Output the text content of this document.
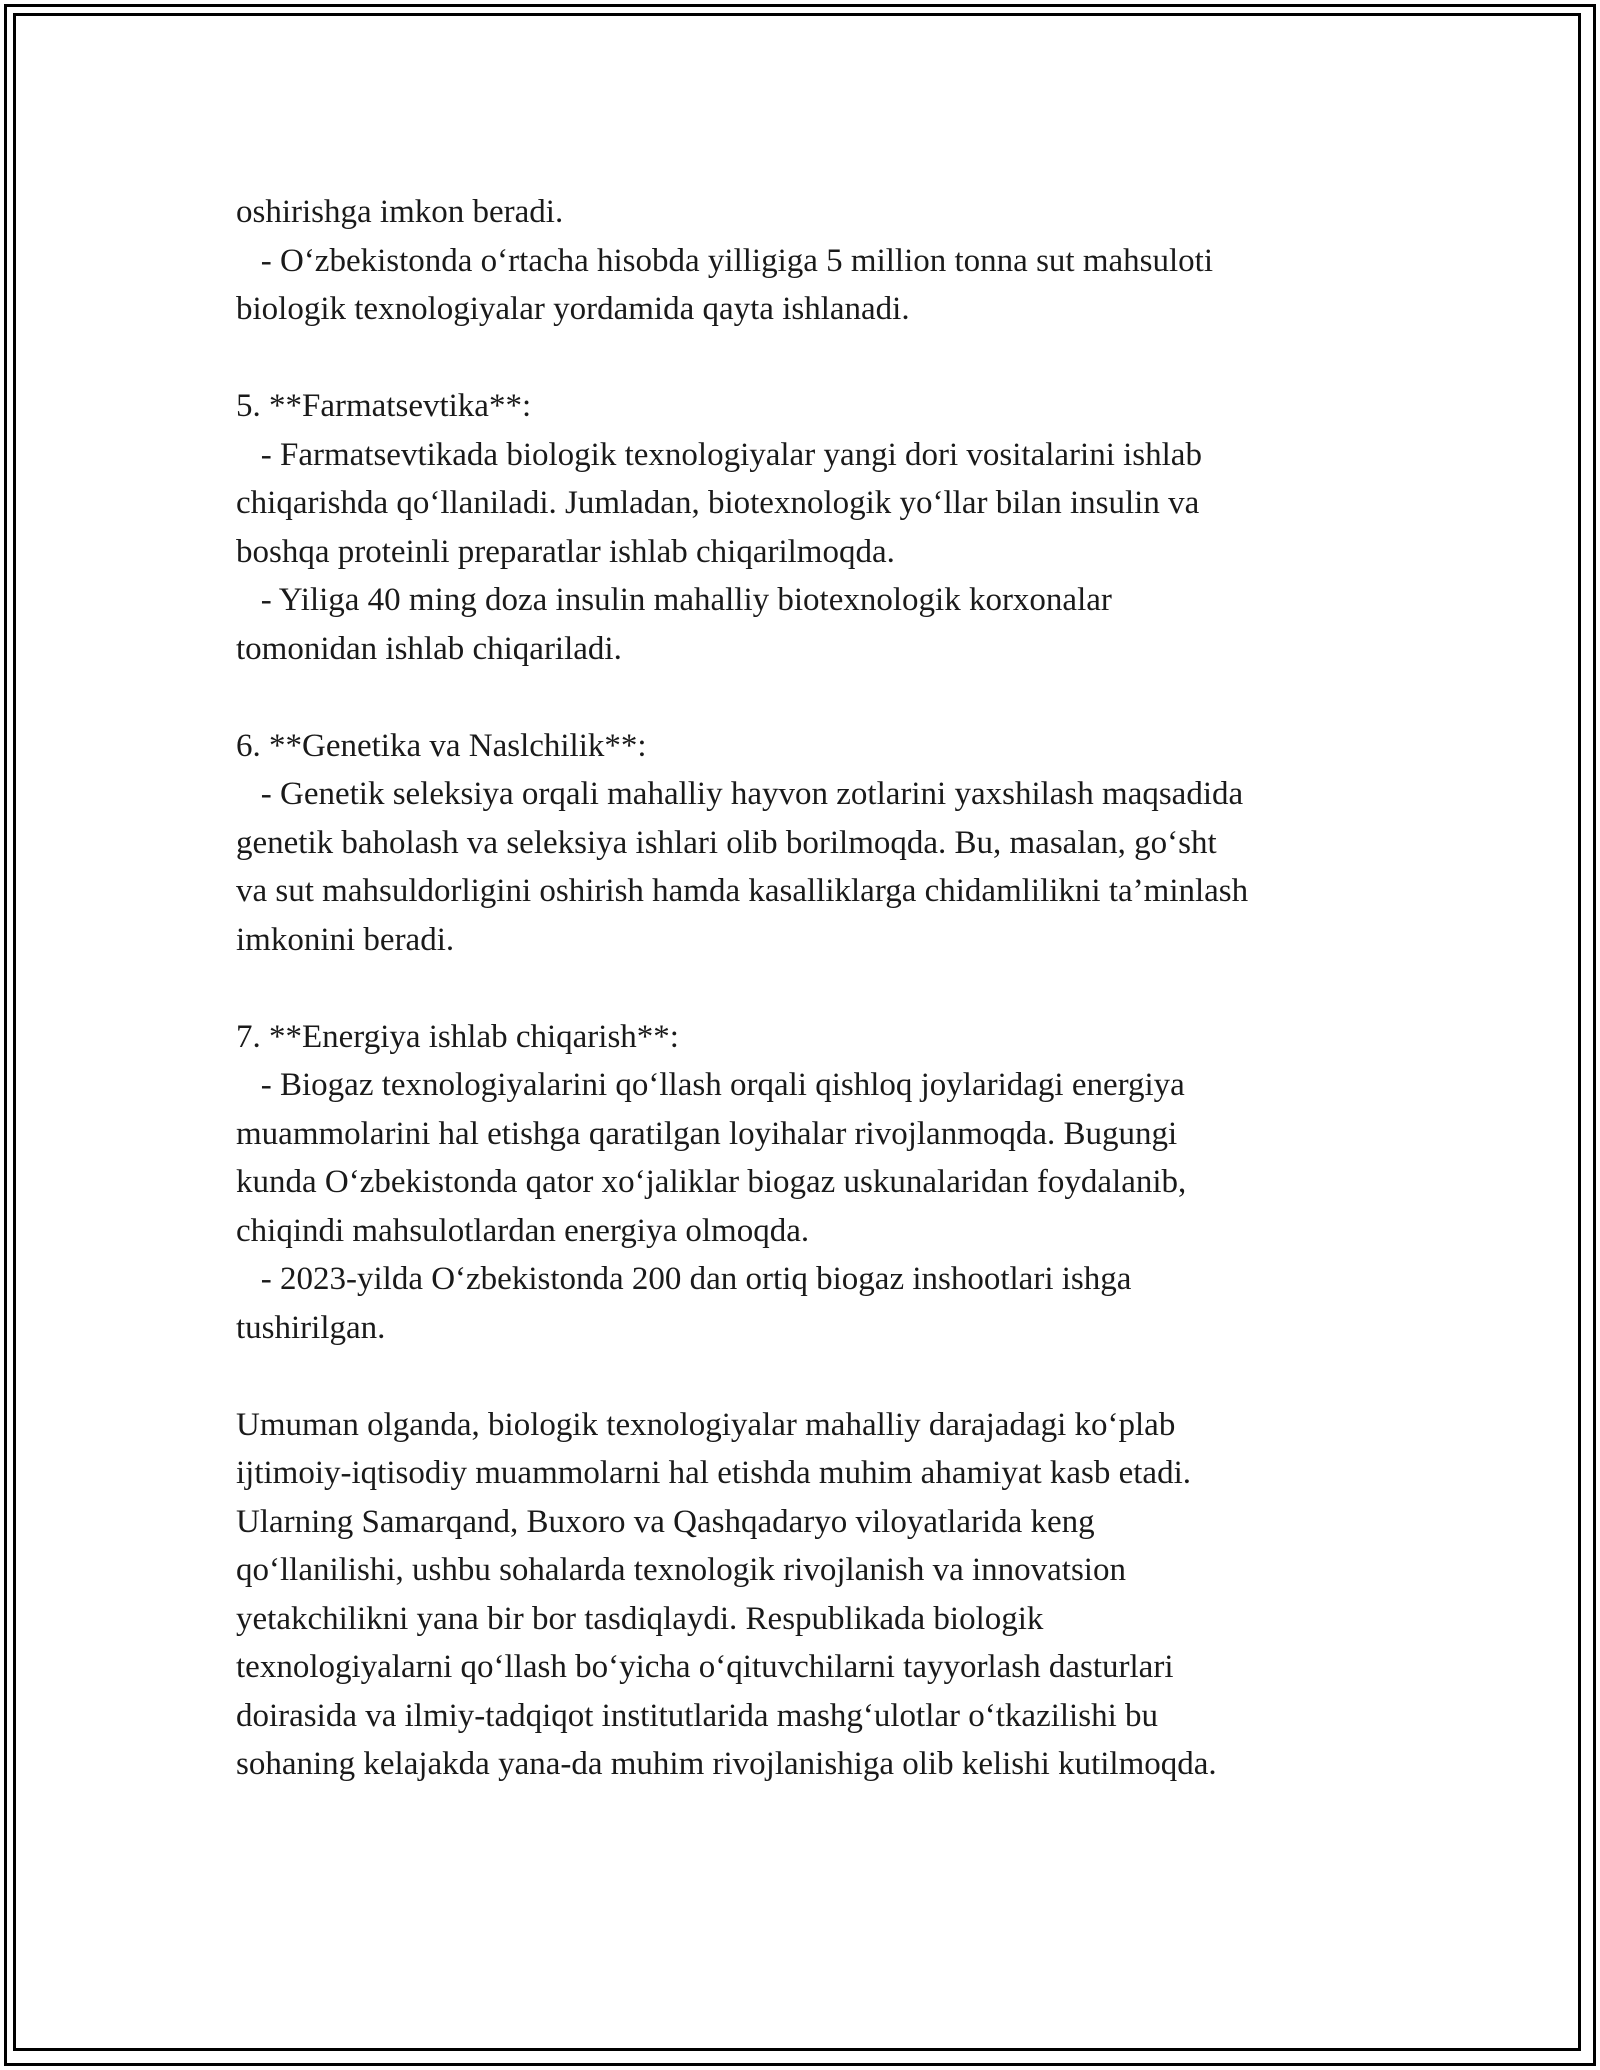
oshirishga imkon beradi.
- O‘zbekistonda o‘rtacha hisobda yilligiga 5 million tonna sut mahsuloti
biologik texnologiyalar yordamida qayta ishlanadi.
5. **Farmatsevtika**:
- Farmatsevtikada biologik texnologiyalar yangi dori vositalarini ishlab
chiqarishda qo‘llaniladi. Jumladan, biotexnologik yo‘llar bilan insulin va
boshqa proteinli preparatlar ishlab chiqarilmoqda.
- Yiliga 40 ming doza insulin mahalliy biotexnologik korxonalar
tomonidan ishlab chiqariladi.
6. **Genetika va Naslchilik**:
- Genetik seleksiya orqali mahalliy hayvon zotlarini yaxshilash maqsadida
genetik baholash va seleksiya ishlari olib borilmoqda. Bu, masalan, go‘sht
va sut mahsuldorligini oshirish hamda kasalliklarga chidamlilikni ta’minlash
imkonini beradi.
7. **Energiya ishlab chiqarish**:
- Biogaz texnologiyalarini qo‘llash orqali qishloq joylaridagi energiya
muammolarini hal etishga qaratilgan loyihalar rivojlanmoqda. Bugungi
kunda O‘zbekistonda qator xo‘jaliklar biogaz uskunalaridan foydalanib,
chiqindi mahsulotlardan energiya olmoqda.
- 2023-yilda O‘zbekistonda 200 dan ortiq biogaz inshootlari ishga
tushirilgan.
Umuman olganda, biologik texnologiyalar mahalliy darajadagi ko‘plab
ijtimoiy-iqtisodiy muammolarni hal etishda muhim ahamiyat kasb etadi.
Ularning Samarqand, Buxoro va Qashqadaryo viloyatlarida keng
qo‘llanilishi, ushbu sohalarda texnologik rivojlanish va innovatsion
yetakchilikni yana bir bor tasdiqlaydi. Respublikada biologik
texnologiyalarni qo‘llash bo‘yicha o‘qituvchilarni tayyorlash dasturlari
doirasida va ilmiy-tadqiqot institutlarida mashg‘ulotlar o‘tkazilishi bu
sohaning kelajakda yana-da muhim rivojlanishiga olib kelishi kutilmoqda.
